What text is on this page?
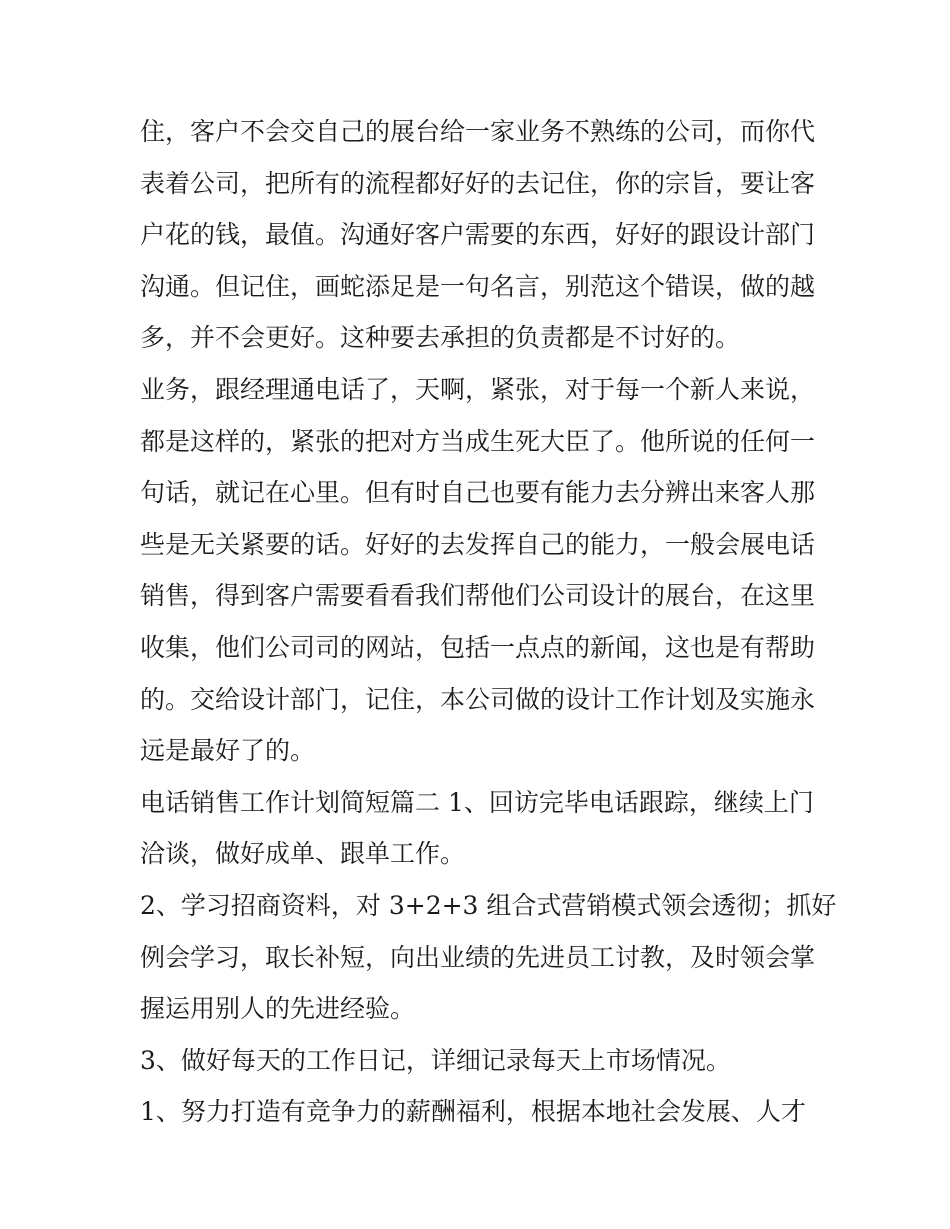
住，客户不会交自己的展台给一家业务不熟练的公司，而你代
表着公司，把所有的流程都好好的去记住，你的宗旨，要让客
户花的钱，最值。沟通好客户需要的东西，好好的跟设计部门
沟通。但记住，画蛇添足是一句名言，别范这个错误，做的越
多，并不会更好。这种要去承担的负责都是不讨好的。
业务，跟经理通电话了，天啊，紧张，对于每一个新人来说，
都是这样的，紧张的把对方当成生死大臣了。他所说的任何一
句话，就记在心里。但有时自己也要有能力去分辨出来客人那
些是无关紧要的话。好好的去发挥自己的能力，一般会展电话
销售，得到客户需要看看我们帮他们公司设计的展台，在这里
收集，他们公司司的网站，包括一点点的新闻，这也是有帮助
的。交给设计部门，记住，本公司做的设计工作计划及实施永
远是最好了的。
电话销售工作计划简短篇二 1、回访完毕电话跟踪，继续上门
洽谈，做好成单、跟单工作。
2、学习招商资料，对 3+2+3 组合式营销模式领会透彻；抓好
例会学习，取长补短，向出业绩的先进员工讨教，及时领会掌
握运用别人的先进经验。
3、做好每天的工作日记，详细记录每天上市场情况。
1、努力打造有竞争力的薪酬福利，根据本地社会发展、人才
